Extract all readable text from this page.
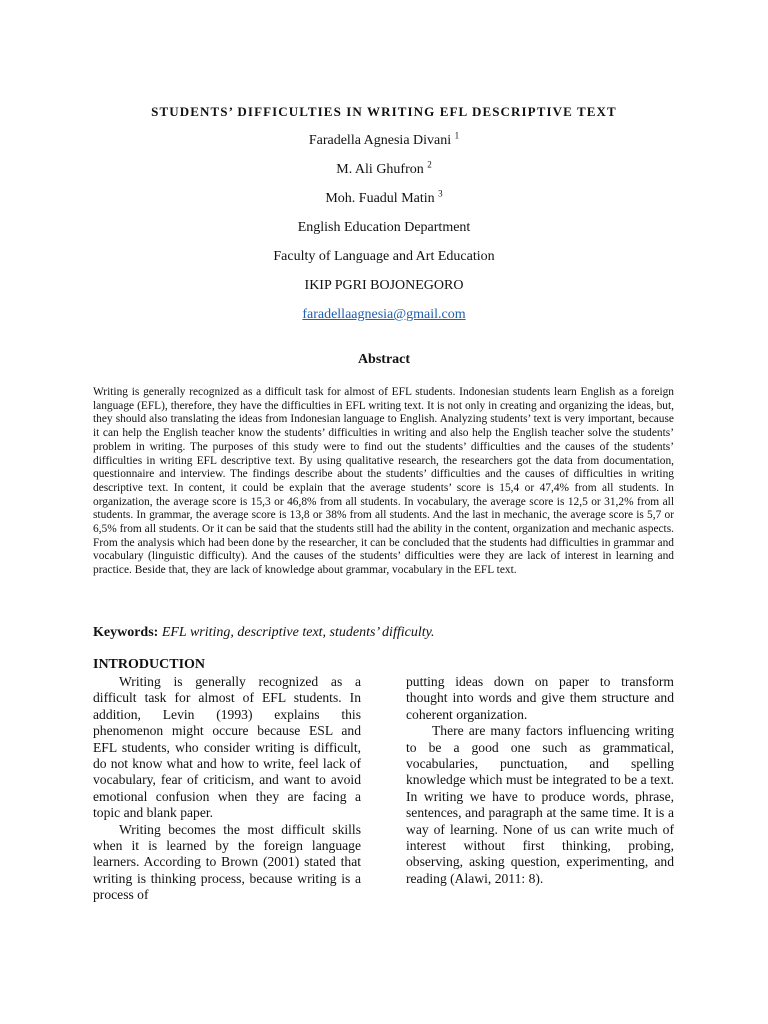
STUDENTS’ DIFFICULTIES IN WRITING EFL DESCRIPTIVE TEXT
Faradella Agnesia Divani $^1$
M. Ali Ghufron $^2$
Moh. Fuadul Matin $^3$
English Education Department
Faculty of Language and Art Education
IKIP PGRI BOJONEGORO
faradellaagnesia@gmail.com
Abstract

Writing is generally recognized as a difficult task for almost of EFL students. Indonesian students learn English as a foreign language (EFL), therefore, they have the difficulties in EFL writing text. It is not only in creating and organizing the ideas, but, they should also translating the ideas from Indonesian language to English. Analyzing students’ text is very important, because it can help the English teacher know the students’ difficulties in writing and also help the English teacher solve the students’ problem in writing. The purposes of this study were to find out the students’ difficulties and the causes of the students’ difficulties in writing EFL descriptive text. By using qualitative research, the researchers got the data from documentation, questionnaire and interview. The findings describe about the students’ difficulties and the causes of difficulties in writing descriptive text. In content, it could be explain that the average students’ score is 15,4 or 47,4% from all students. In organization, the average score is 15,3 or 46,8% from all students. In vocabulary, the average score is 12,5 or 31,2% from all students. In grammar, the average score is 13,8 or 38% from all students. And the last in mechanic, the average score is 5,7 or 6,5% from all students. Or it can be said that the students still had the ability in the content, organization and mechanic aspects. From the analysis which had been done by the researcher, it can be concluded that the students had difficulties in grammar and vocabulary (linguistic difficulty). And the causes of the students’ difficulties were they are lack of interest in learning and practice. Beside that, they are lack of knowledge about grammar, vocabulary in the EFL text.

Keywords: EFL writing, descriptive text, students’ difficulty.
INTRODUCTION

Writing is generally recognized as a difficult task for almost of EFL students. In addition, Levin (1993) explains this phenomenon might occure because ESL and EFL students, who consider writing is difficult, do not know what and how to write, feel lack of vocabulary, fear of criticism, and want to avoid emotional confusion when they are facing a topic and blank paper.

Writing becomes the most difficult skills when it is learned by the foreign language learners. According to Brown (2001) stated that writing is thinking process, because writing is a process of

putting ideas down on paper to transform thought into words and give them structure and coherent organization.

There are many factors influencing writing to be a good one such as grammatical, vocabularies, punctuation, and spelling knowledge which must be integrated to be a text. In writing we have to produce words, phrase, sentences, and paragraph at the same time. It is a way of learning. None of us can write much of interest without first thinking, probing, observing, asking question, experimenting, and reading (Alawi, 2011: 8).
